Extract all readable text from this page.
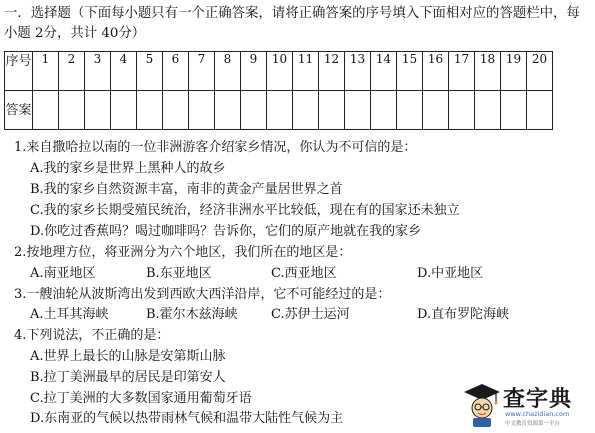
一．选择题（下面每小题只有一个正确答案，请将正确答案的序号填入下面相对应的答题栏中，每小题 2分，共计 40分）

序号	1	2	3	4	5	6	7	8	9	10	11	12	13	14	15	16	17	18	19	20
答案																				
1.来自撒哈拉以南的一位非洲游客介绍家乡情况，你认为不可信的是：
A.我的家乡是世界上黑种人的故乡
B.我的家乡自然资源丰富，南非的黄金产量居世界之首
C.我的家乡长期受殖民统治，经济非洲水平比较低，现在有的国家还未独立
D.你吃过香蕉吗？喝过咖啡吗？告诉你，它们的原产地就在我的家乡
2.按地理方位，将亚洲分为六个地区，我们所在的地区是：
A.南亚地区	B.东亚地区	C.西亚地区	D.中亚地区
3.一艘油轮从波斯湾出发到西欧大西洋沿岸，它不可能经过的是：
A.土耳其海峡	B.霍尔木兹海峡	C.苏伊士运河	D.直布罗陀海峡
4.下列说法，不正确的是：
A.世界上最长的山脉是安第斯山脉
B.拉丁美洲最早的居民是印第安人
C.拉丁美洲的大多数国家通用葡萄牙语
D.东南亚的气候以热带雨林气候和温带大陆性气候为主
查字典
www.chazidian.com
中文教育资源第一平台
